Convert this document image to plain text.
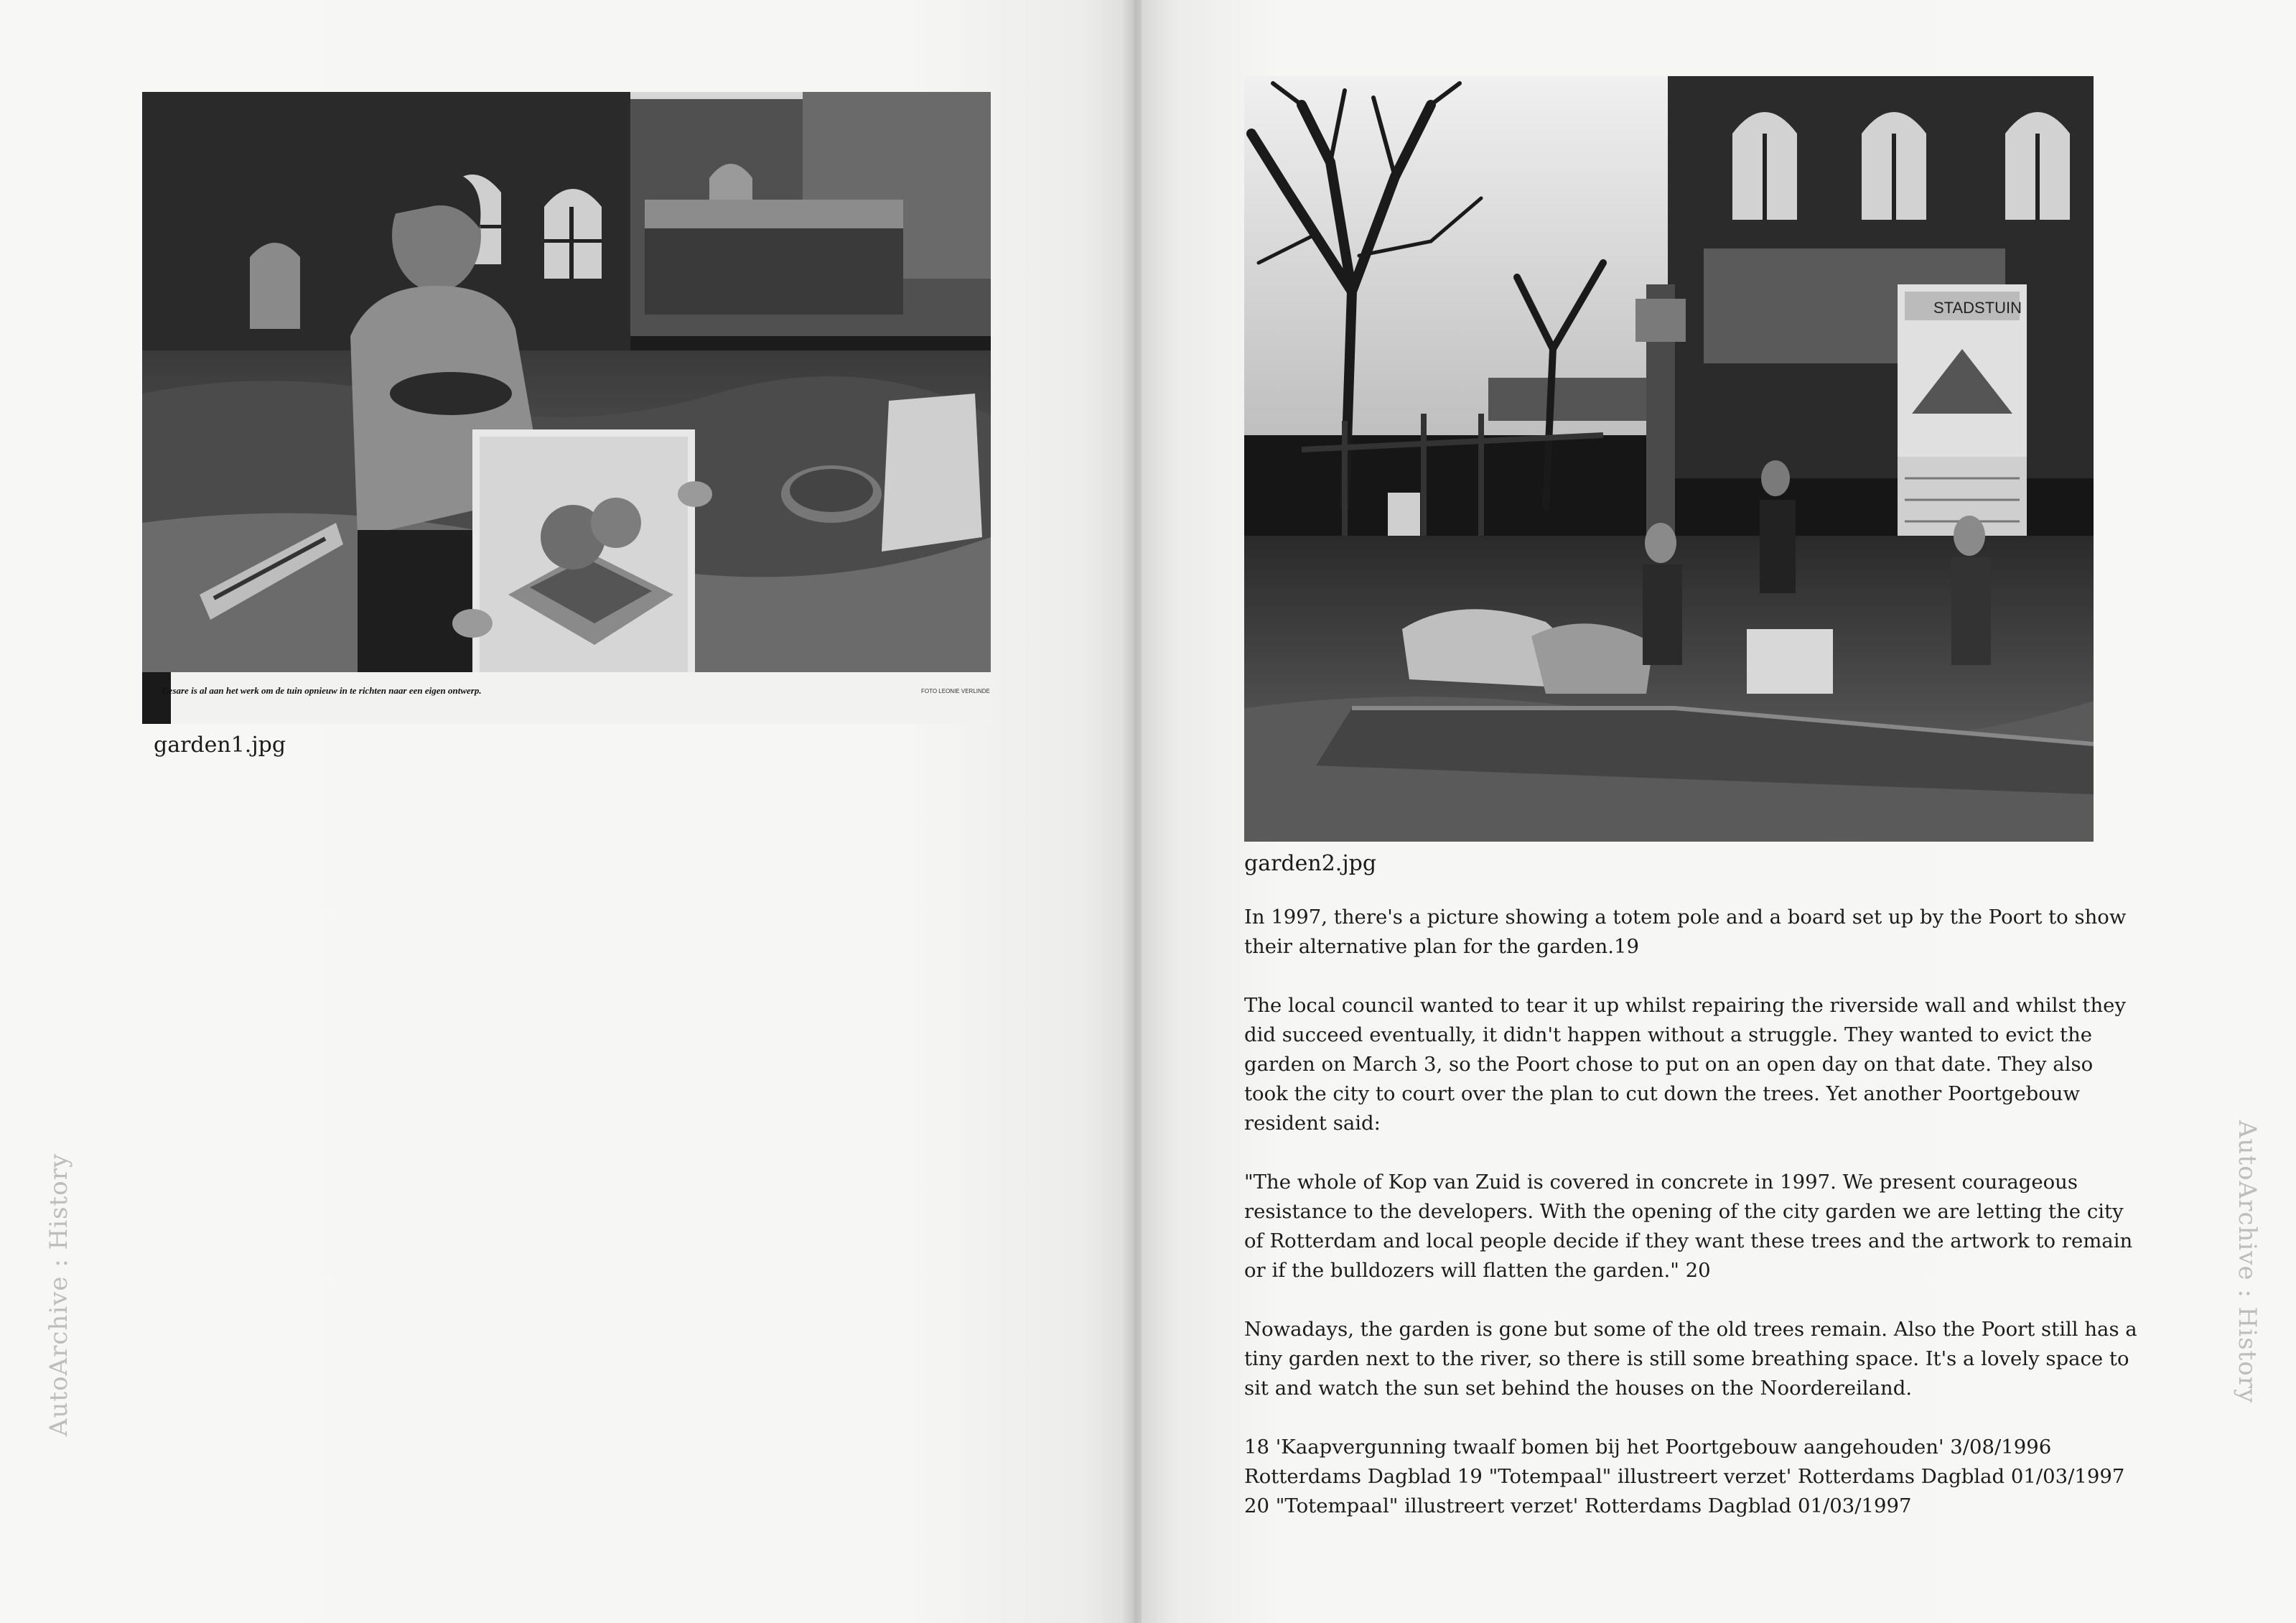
Cesare is al aan het werk om de tuin opnieuw in te richten naar een eigen ontwerp.	FOTO LEONIE VERLINDE
garden1.jpg
AutoArchive : History
STADSTUIN
garden2.jpg
AutoArchive : History

In 1997, there's a picture showing a totem pole and a board set up by the Poort to show their alternative plan for the garden.19

The local council wanted to tear it up whilst repairing the riverside wall and whilst they did succeed eventually, it didn't happen without a struggle. They wanted to evict the garden on March 3, so the Poort chose to put on an open day on that date. They also took the city to court over the plan to cut down the trees. Yet another Poortgebouw resident said:

"The whole of Kop van Zuid is covered in concrete in 1997. We present courageous resistance to the developers. With the opening of the city garden we are letting the city of Rotterdam and local people decide if they want these trees and the artwork to remain or if the bulldozers will flatten the garden." 20

Nowadays, the garden is gone but some of the old trees remain. Also the Poort still has a tiny garden next to the river, so there is still some breathing space. It's a lovely space to sit and watch the sun set behind the houses on the Noordereiland.

18 'Kaapvergunning twaalf bomen bij het Poortgebouw aangehouden' 3/08/1996 Rotterdams Dagblad 19 "Totempaal" illustreert verzet' Rotterdams Dagblad 01/03/1997 20 "Totempaal" illustreert verzet' Rotterdams Dagblad 01/03/1997
